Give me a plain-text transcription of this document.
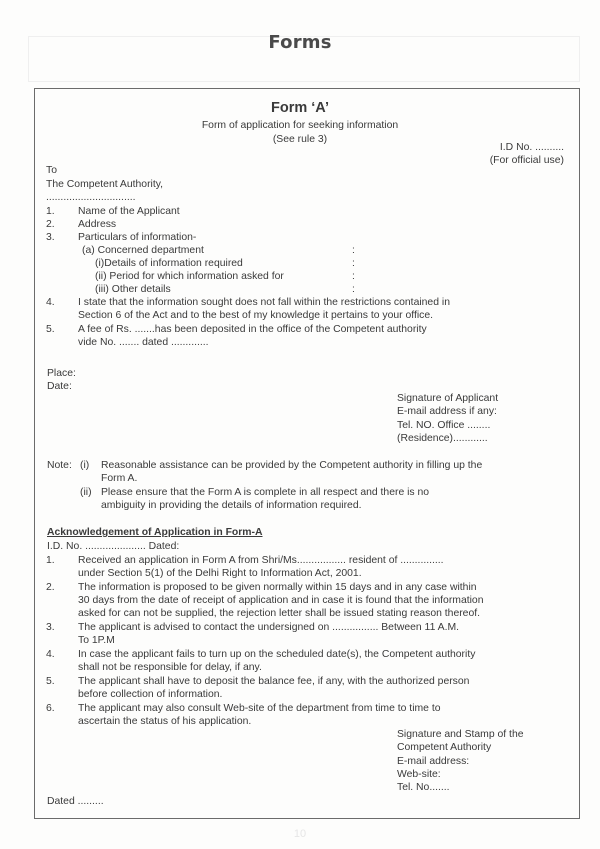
Forms
Form ‘A’
Form of application for seeking information
(See rule 3)
I.D No. ..........
(For official use)
To
The Competent Authority,
...............................
1. Name of the Applicant
2. Address
3. Particulars of information-
(a) Concerned department	:
(i)Details of information required	:
(ii) Period for which information asked for	:
(iii) Other details	:
4. I state that the information sought does not fall within the restrictions contained in
Section 6 of the Act and to the best of my knowledge it pertains to your office.
5. A fee of Rs. .......has been deposited in the office of the Competent authority
vide No. ....... dated .............
Place:
Date:
Signature of Applicant
E-mail address if any:
Tel. NO. Office ........
(Residence)............
Note: (i) Reasonable assistance can be provided by the Competent authority in filling up the
Form A.
(ii) Please ensure that the Form A is complete in all respect and there is no
ambiguity in providing the details of information required.
Acknowledgement of Application in Form-A
I.D. No. ..................... Dated:
1. Received an application in Form A from Shri/Ms................. resident of ...............
under Section 5(1) of the Delhi Right to Information Act, 2001.
2. The information is proposed to be given normally within 15 days and in any case within
30 days from the date of receipt of application and in case it is found that the information
asked for can not be supplied, the rejection letter shall be issued stating reason thereof.
3. The applicant is advised to contact the undersigned on ................ Between 11 A.M.
To 1P.M
4. In case the applicant fails to turn up on the scheduled date(s), the Competent authority
shall not be responsible for delay, if any.
5. The applicant shall have to deposit the balance fee, if any, with the authorized person
before collection of information.
6. The applicant may also consult Web-site of the department from time to time to
ascertain the status of his application.
Signature and Stamp of the
Competent Authority
E-mail address:
Web-site:
Tel. No.......
Dated .........
10
